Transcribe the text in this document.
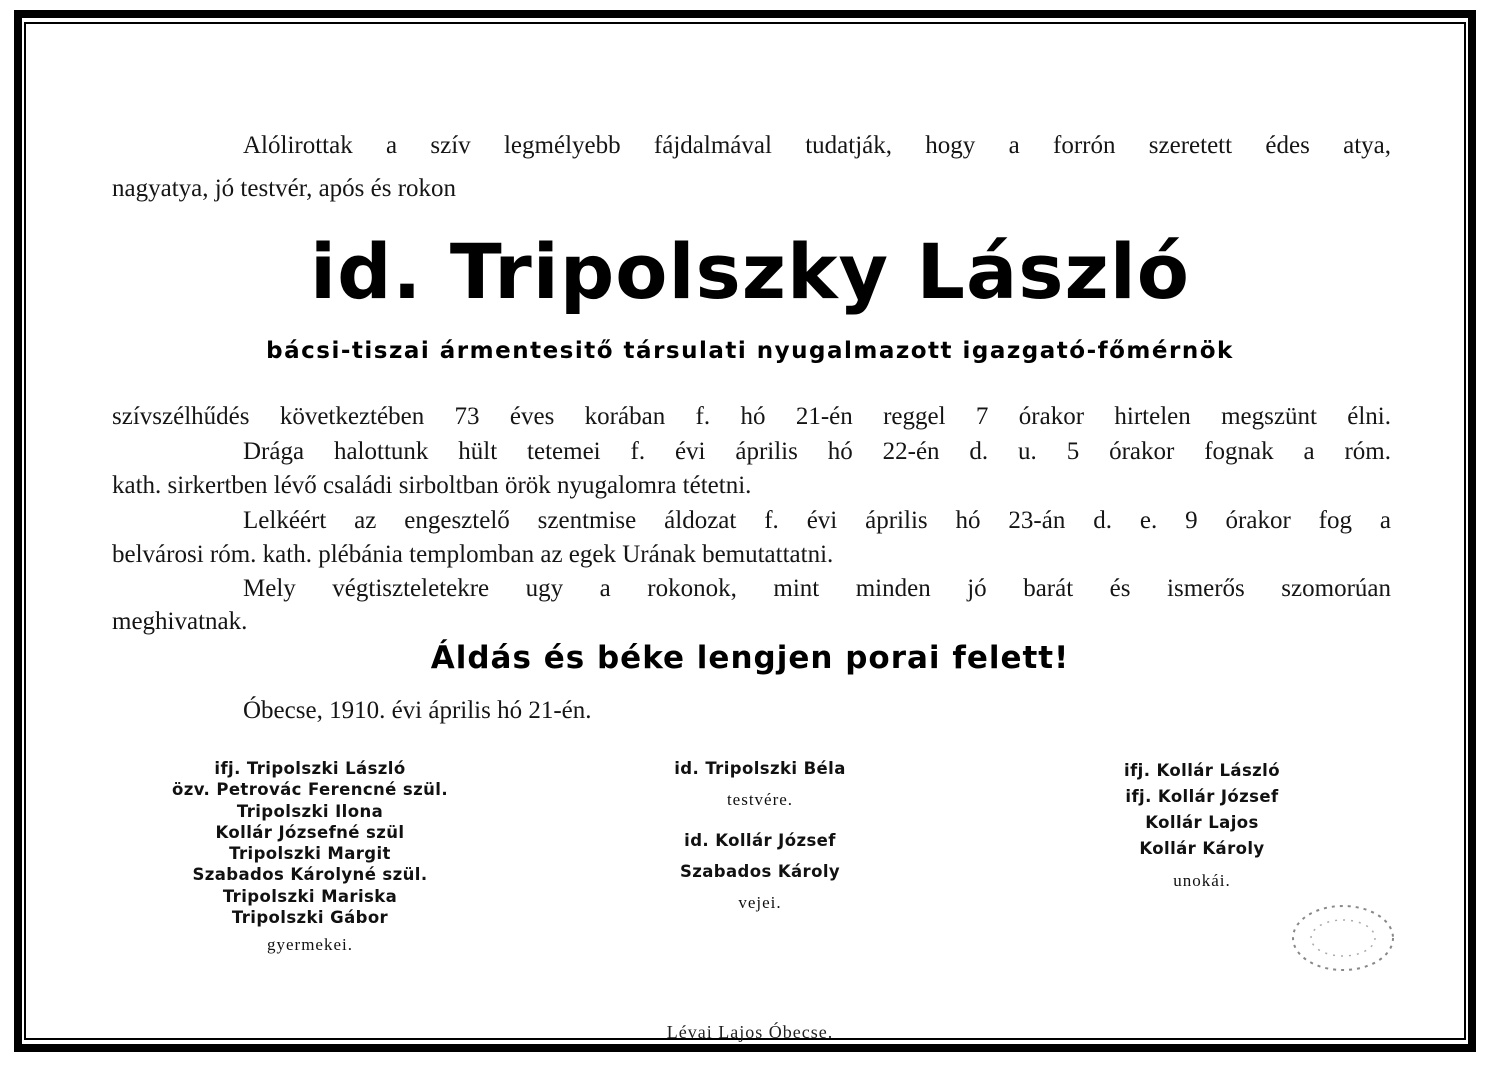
Alólirottak a szív legmélyebb fájdalmával tudatják, hogy a forrón szeretett édes atya,
nagyatya, jó testvér, após és rokon
id. Tripolszky László
bácsi-tiszai ármentesitő társulati nyugalmazott igazgató-főmérnök
szívszélhűdés következtében 73 éves korában f. hó 21-én reggel 7 órakor hirtelen megszünt élni.
Drága halottunk hült tetemei f. évi április hó 22-én d. u. 5 órakor fognak a róm.
kath. sirkertben lévő családi sirboltban örök nyugalomra tétetni.
Lelkéért az engesztelő szentmise áldozat f. évi április hó 23-án d. e. 9 órakor fog a
belvárosi róm. kath. plébánia templomban az egek Urának bemutattatni.
Mely végtiszteletekre ugy a rokonok, mint minden jó barát és ismerős szomorúan
meghivatnak.
Áldás és béke lengjen porai felett!
Óbecse, 1910. évi április hó 21-én.
ifj. Tripolszki László
özv. Petrovác Ferencné szül.
Tripolszki Ilona
Kollár Józsefné szül
Tripolszki Margit
Szabados Károlyné szül.
Tripolszki Mariska
Tripolszki Gábor
gyermekei.
id. Tripolszki Béla
testvére.
id. Kollár József
Szabados Károly
vejei.
ifj. Kollár László
ifj. Kollár József
Kollár Lajos
Kollár Károly
unokái.
Lévai Lajos Óbecse.
